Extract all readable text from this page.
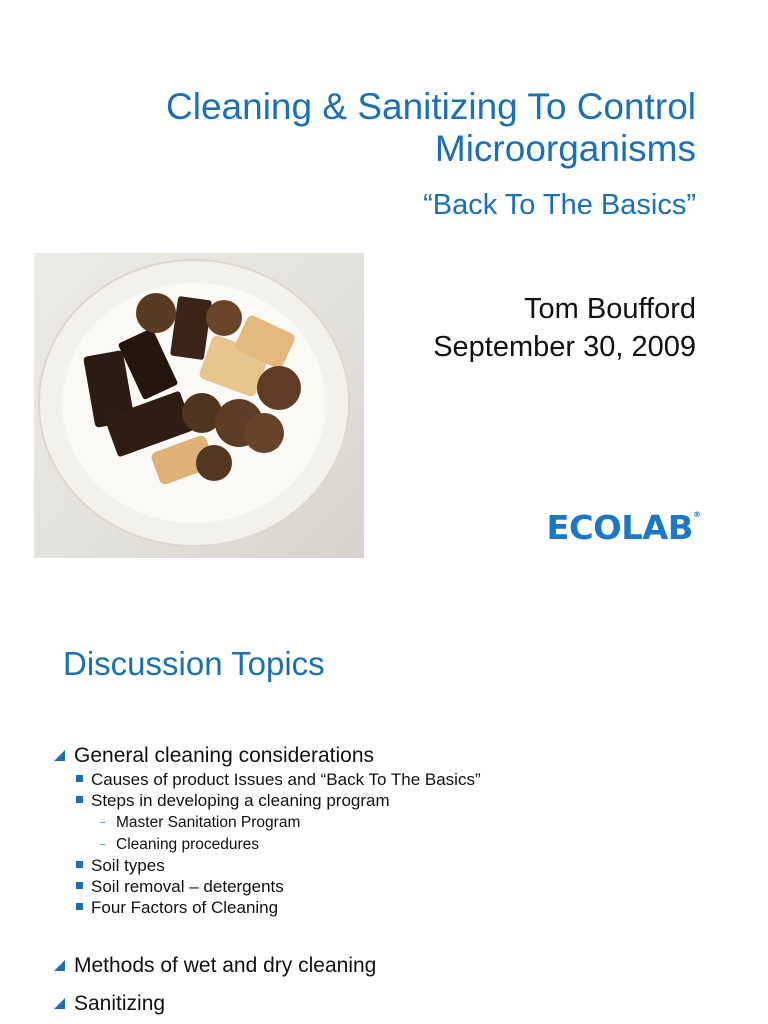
Cleaning & Sanitizing To Control
Microorganisms
“Back To The Basics”
Tom Boufford
September 30, 2009
ECOLAB®
Discussion Topics
General cleaning considerations
Causes of product Issues and “Back To The Basics”
Steps in developing a cleaning program
– Master Sanitation Program
– Cleaning procedures
Soil types
Soil removal – detergents
Four Factors of Cleaning
Methods of wet and dry cleaning
Sanitizing
